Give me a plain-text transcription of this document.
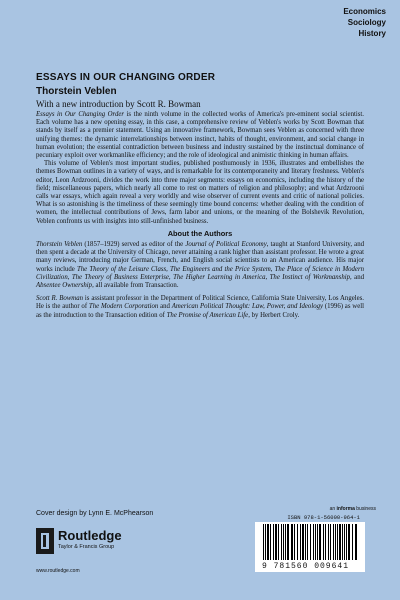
Economics
Sociology
History
ESSAYS IN OUR CHANGING ORDER
Thorstein Veblen
With a new introduction by Scott R. Bowman

Essays in Our Changing Order is the ninth volume in the collected works of America's pre-eminent social scientist. Each volume has a new opening essay, in this case, a comprehensive review of Veblen's works by Scott Bowman that stands by itself as a premier statement. Using an innovative framework, Bowman sees Veblen as concerned with three unifying themes: the dynamic interrelationships between instinct, habits of thought, environment, and social change in human evolution; the essential contradiction between business and industry sustained by the instinctual dominance of pecuniary exploit over workmanlike efficiency; and the role of ideological and animistic thinking in human affairs.

This volume of Veblen's most important studies, published posthumously in 1936, illustrates and embellishes the themes Bowman outlines in a variety of ways, and is remarkable for its contemporaneity and literary freshness. Veblen's editor, Leon Ardzrooni, divides the work into three major segments: essays on economics, including the history of the field; miscellaneous papers, which nearly all come to rest on matters of religion and philosophy; and what Ardzrooni calls war essays, which again reveal a very worldly and wise observer of current events and critic of national policies. What is so astonishing is the timeliness of these seemingly time bound concerns: whether dealing with the condition of women, the intellectual contributions of Jews, farm labor and unions, or the meaning of the Bolshevik Revolution, Veblen confronts us with insights into still-unfinished business.

About the Authors

Thorstein Veblen (1857–1929) served as editor of the Journal of Political Economy, taught at Stanford University, and then spent a decade at the University of Chicago, never attaining a rank higher than assistant professor. He wrote a great many reviews, introducing major German, French, and English social scientists to an American audience. His major works include The Theory of the Leisure Class, The Engineers and the Price System, The Place of Science in Modern Civilization, The Theory of Business Enterprise, The Higher Learning in America, The Instinct of Workmanship, and Absentee Ownership, all available from Transaction.

Scott R. Bowman is assistant professor in the Department of Political Science, California State University, Los Angeles. He is the author of The Modern Corporation and American Political Thought: Law, Power, and Ideology (1996) as well as the introduction to the Transaction edition of The Promise of American Life, by Herbert Croly.

Cover design by Lynn E. McPhearson
an informa business
ISBN 978-1-56000-964-1
9 781560 009641
Routledge
Taylor & Francis Group
www.routledge.com
